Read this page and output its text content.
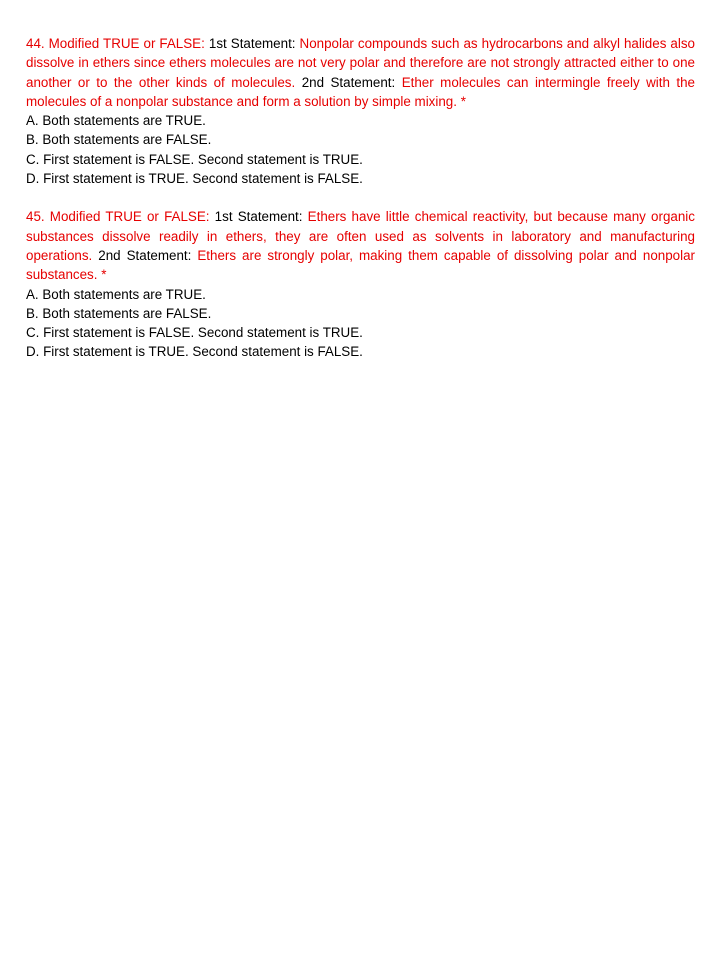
44. Modified TRUE or FALSE: 1st Statement: Nonpolar compounds such as hydrocarbons and alkyl halides also dissolve in ethers since ethers molecules are not very polar and therefore are not strongly attracted either to one another or to the other kinds of molecules. 2nd Statement: Ether molecules can intermingle freely with the molecules of a nonpolar substance and form a solution by simple mixing. *

A. Both statements are TRUE.
B. Both statements are FALSE.
C. First statement is FALSE. Second statement is TRUE.
D. First statement is TRUE. Second statement is FALSE.

45. Modified TRUE or FALSE: 1st Statement: Ethers have little chemical reactivity, but because many organic substances dissolve readily in ethers, they are often used as solvents in laboratory and manufacturing operations. 2nd Statement: Ethers are strongly polar, making them capable of dissolving polar and nonpolar substances. *

A. Both statements are TRUE.
B. Both statements are FALSE.
C. First statement is FALSE. Second statement is TRUE.
D. First statement is TRUE. Second statement is FALSE.
